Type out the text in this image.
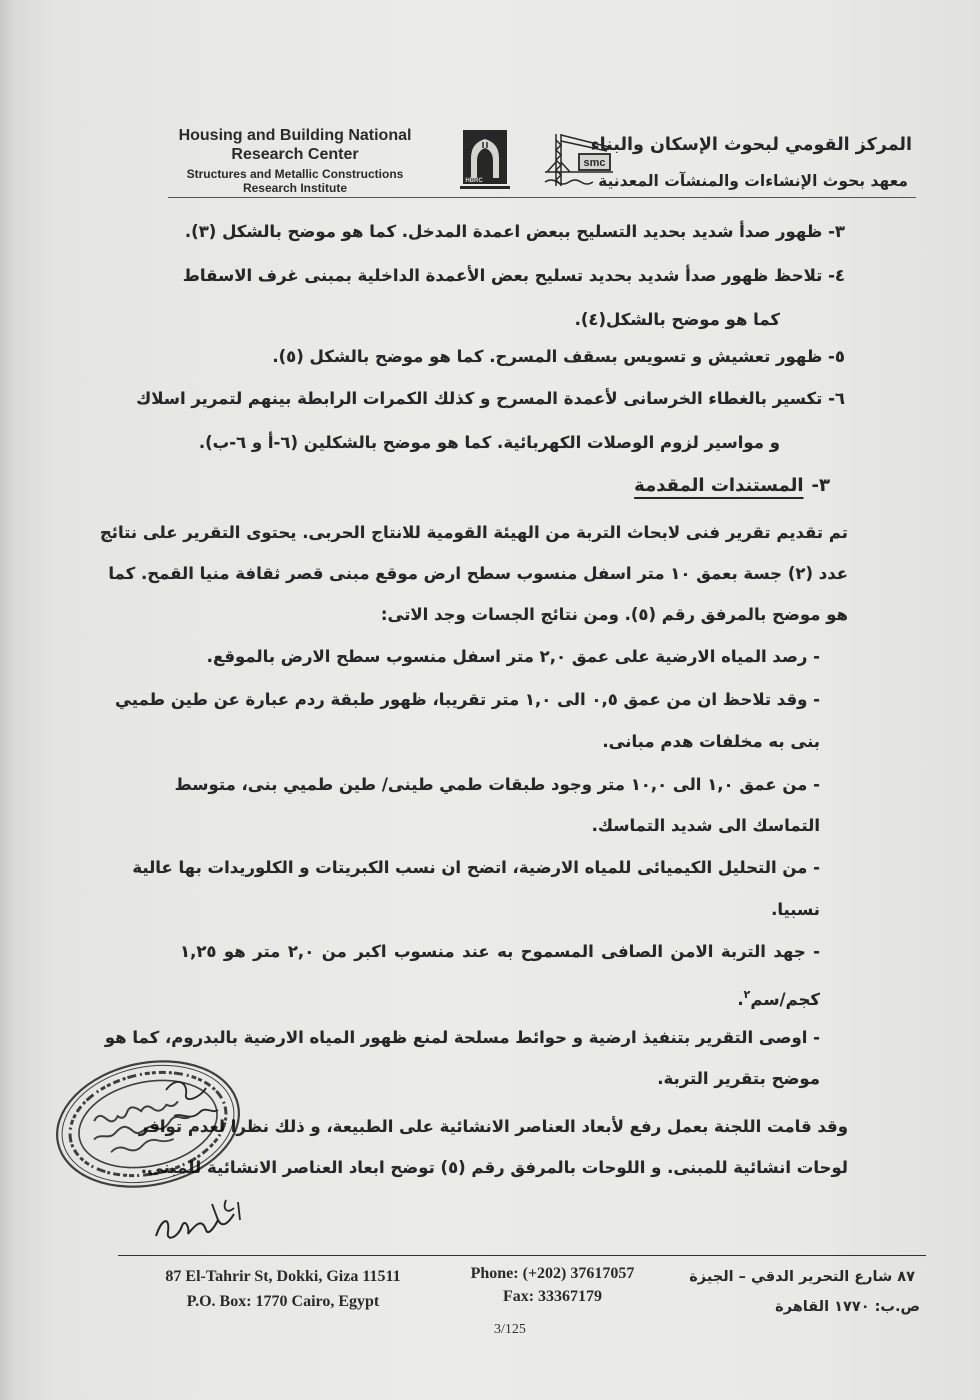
Housing and Building National
Research Center
Structures and Metallic Constructions
Research Institute	HBRC
smc
المركز القومي لبحوث الإسكان والبناء
معهد بحوث الإنشاءات والمنشآت المعدنية
٣- ظهور صدأ شديد بحديد التسليح ببعض اعمدة المدخل. كما هو موضح بالشكل (٣).
٤- تلاحظ ظهور صدأ شديد بحديد تسليح بعض الأعمدة الداخلية بمبنى غرف الاسقاط
كما هو موضح بالشكل(٤).
٥- ظهور تعشيش و تسويس بسقف المسرح. كما هو موضح بالشكل (٥).
٦- تكسير بالغطاء الخرسانى لأعمدة المسرح و كذلك الكمرات الرابطة بينهم لتمرير اسلاك
و مواسير لزوم الوصلات الكهربائية. كما هو موضح بالشكلين (٦-أ و ٦-ب).
٣-المستندات المقدمة
تم تقديم تقرير فنى لابحاث التربة من الهيئة القومية للانتاج الحربى. يحتوى التقرير على نتائج
عدد (٢) جسة بعمق ١٠ متر اسفل منسوب سطح ارض موقع مبنى قصر ثقافة منيا القمح. كما
هو موضح بالمرفق رقم (٥). ومن نتائج الجسات وجد الاتى:
- رصد المياه الارضية على عمق ٢,٠ متر اسفل منسوب سطح الارض بالموقع.
- وقد تلاحظ ان من عمق ٠,٥ الى ١,٠ متر تقريبا، ظهور طبقة ردم عبارة عن طين طميي
بنى به مخلفات هدم مبانى.
- من عمق ١,٠ الى ١٠,٠ متر وجود طبقات طمي طينى/ طين طميي بنى، متوسط
التماسك الى شديد التماسك.
- من التحليل الكيميائى للمياه الارضية، اتضح ان نسب الكبريتات و الكلوريدات بها عالية
نسبيا.
- جهد التربة الامن الصافى المسموح به عند منسوب اكبر من ٢,٠ متر هو ١,٢٥
كجم/سم$^٢$.
- اوصى التقرير بتنفيذ ارضية و حوائط مسلحة لمنع ظهور المياه الارضية بالبدروم، كما هو
موضح بتقرير التربة.
وقد قامت اللجنة بعمل رفع لأبعاد العناصر الانشائية على الطبيعة، و ذلك نظرا لعدم توافر
لوحات انشائية للمبنى. و اللوحات بالمرفق رقم (٥) توضح ابعاد العناصر الانشائية للمبنى.
87 El-Tahrir St, Dokki, Giza 11511
P.O. Box: 1770 Cairo, Egypt
Phone: (+202) 37617057
Fax: 33367179
3/125
٨٧ شارع التحرير الدقي – الجيزة
ص.ب: ١٧٧٠ القاهرة
